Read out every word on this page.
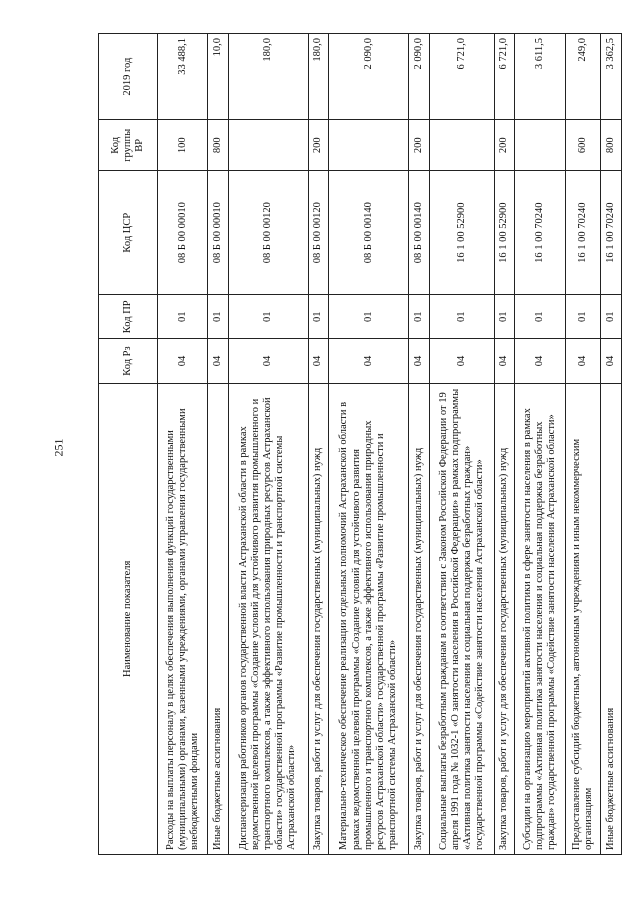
251
Наименование показателя	Код Рз	Код ПР	Код ЦСР	Код группы ВР	2019 год
Расходы на выплаты персоналу в целях обеспечения выполнения функций государственными (муниципальными) органами, казенными учреждениями, органами управления государственными внебюджетными фондами	04	01	08 Б 00 00010	100	33 488,1
Иные бюджетные ассигнования	04	01	08 Б 00 00010	800	10,0
Диспансеризация работников органов государственной власти Астраханской области в рамках ведомственной целевой программы «Создание условий для устойчивого развития промышленного и транспортного комплексов, а также эффективного использования природных ресурсов Астраханской области» государственной программы «Развитие промышленности и транспортной системы Астраханской области»	04	01	08 Б 00 00120		180,0
Закупка товаров, работ и услуг для обеспечения государственных (муниципальных) нужд	04	01	08 Б 00 00120	200	180,0
Материально-техническое обеспечение реализации отдельных полномочий Астраханской области в рамках ведомственной целевой программы «Создание условий для устойчивого развития промышленного и транспортного комплексов, а также эффективного использования природных ресурсов Астраханской области» государственной программы «Развитие промышленности и транспортной системы Астраханской области»	04	01	08 Б 00 00140		2 090,0
Закупка товаров, работ и услуг для обеспечения государственных (муниципальных) нужд	04	01	08 Б 00 00140	200	2 090,0
Социальные выплаты безработным гражданам в соответствии с Законом Российской Федерации от 19 апреля 1991 года № 1032-1 «О занятости населения в Российской Федерации» в рамках подпрограммы «Активная политика занятости населения и социальная поддержка безработных граждан» государственной программы «Содействие занятости населения Астраханской области»	04	01	16 1 00 52900		6 721,0
Закупка товаров, работ и услуг для обеспечения государственных (муниципальных) нужд	04	01	16 1 00 52900	200	6 721,0
Субсидии на организацию мероприятий активной политики в сфере занятости населения в рамках подпрограммы «Активная политика занятости населения и социальная поддержка безработных граждан» государственной программы «Содействие занятости населения Астраханской области»	04	01	16 1 00 70240		3 611,5
Предоставление субсидий бюджетным, автономным учреждениям и иным некоммерческим организациям	04	01	16 1 00 70240	600	249,0
Иные бюджетные ассигнования	04	01	16 1 00 70240	800	3 362,5
